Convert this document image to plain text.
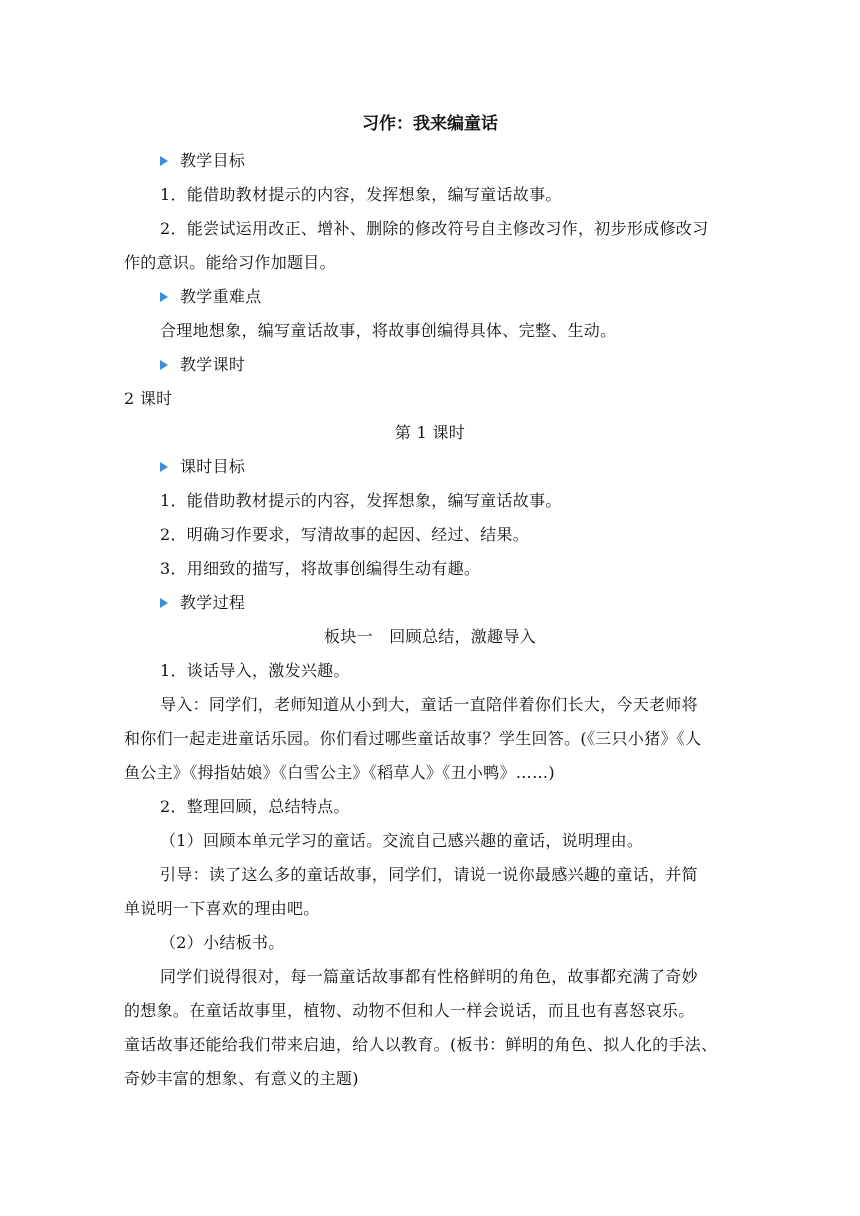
习作：我来编童话
教学目标
1．能借助教材提示的内容，发挥想象，编写童话故事。
2．能尝试运用改正、增补、删除的修改符号自主修改习作，初步形成修改习
作的意识。能给习作加题目。
教学重难点
合理地想象，编写童话故事，将故事创编得具体、完整、生动。
教学课时
2 课时
第 1 课时
课时目标
1．能借助教材提示的内容，发挥想象，编写童话故事。
2．明确习作要求，写清故事的起因、经过、结果。
3．用细致的描写，将故事创编得生动有趣。
教学过程
板块一　回顾总结，激趣导入
1．谈话导入，激发兴趣。
导入：同学们，老师知道从小到大，童话一直陪伴着你们长大，今天老师将
和你们一起走进童话乐园。你们看过哪些童话故事？学生回答。(《三只小猪》《人
鱼公主》《拇指姑娘》《白雪公主》《稻草人》《丑小鸭》……)
2．整理回顾，总结特点。
（1）回顾本单元学习的童话。交流自己感兴趣的童话，说明理由。
引导：读了这么多的童话故事，同学们，请说一说你最感兴趣的童话，并简
单说明一下喜欢的理由吧。
（2）小结板书。
同学们说得很对，每一篇童话故事都有性格鲜明的角色，故事都充满了奇妙
的想象。在童话故事里，植物、动物不但和人一样会说话，而且也有喜怒哀乐。
童话故事还能给我们带来启迪，给人以教育。(板书：鲜明的角色、拟人化的手法、
奇妙丰富的想象、有意义的主题)
